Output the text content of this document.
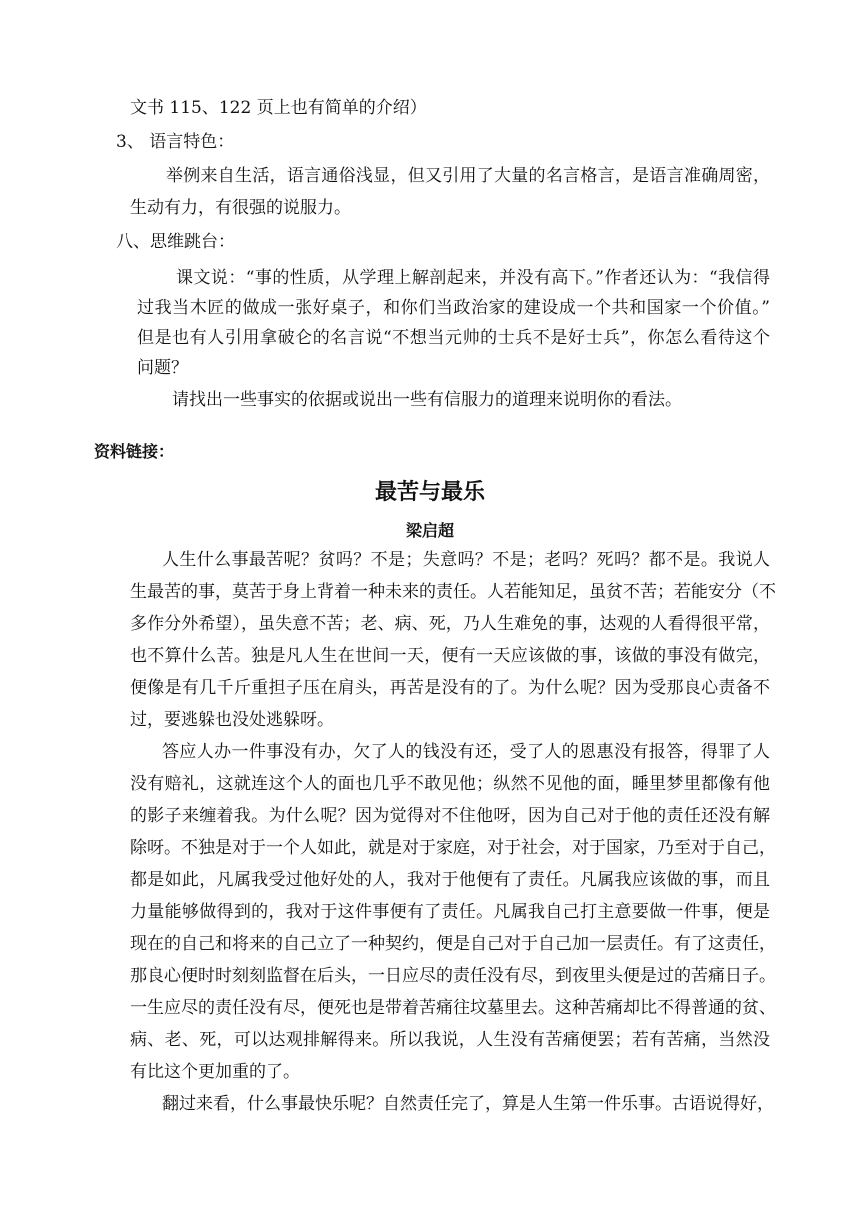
文书 115、122 页上也有简单的介绍）
3、 语言特色：
举例来自生活，语言通俗浅显，但又引用了大量的名言格言，是语言准确周密，
生动有力，有很强的说服力。
八、思维跳台：
课文说：“事的性质，从学理上解剖起来，并没有高下。”作者还认为：“我信得
过我当木匠的做成一张好桌子，和你们当政治家的建设成一个共和国家一个价值。”
但是也有人引用拿破仑的名言说“不想当元帅的士兵不是好士兵”，你怎么看待这个
问题？
请找出一些事实的依据或说出一些有信服力的道理来说明你的看法。
资料链接：
最苦与最乐
梁启超
人生什么事最苦呢？贫吗？不是；失意吗？不是；老吗？死吗？都不是。我说人
生最苦的事，莫苦于身上背着一种未来的责任。人若能知足，虽贫不苦；若能安分（不
多作分外希望），虽失意不苦；老、病、死，乃人生难免的事，达观的人看得很平常，
也不算什么苦。独是凡人生在世间一天，便有一天应该做的事，该做的事没有做完，
便像是有几千斤重担子压在肩头，再苦是没有的了。为什么呢？因为受那良心责备不
过，要逃躲也没处逃躲呀。
答应人办一件事没有办，欠了人的钱没有还，受了人的恩惠没有报答，得罪了人
没有赔礼，这就连这个人的面也几乎不敢见他；纵然不见他的面，睡里梦里都像有他
的影子来缠着我。为什么呢？因为觉得对不住他呀，因为自己对于他的责任还没有解
除呀。不独是对于一个人如此，就是对于家庭，对于社会，对于国家，乃至对于自己，
都是如此，凡属我受过他好处的人，我对于他便有了责任。凡属我应该做的事，而且
力量能够做得到的，我对于这件事便有了责任。凡属我自己打主意要做一件事，便是
现在的自己和将来的自己立了一种契约，便是自己对于自己加一层责任。有了这责任，
那良心便时时刻刻监督在后头，一日应尽的责任没有尽，到夜里头便是过的苦痛日子。
一生应尽的责任没有尽，便死也是带着苦痛往坟墓里去。这种苦痛却比不得普通的贫、
病、老、死，可以达观排解得来。所以我说，人生没有苦痛便罢；若有苦痛，当然没
有比这个更加重的了。
翻过来看，什么事最快乐呢？自然责任完了，算是人生第一件乐事。古语说得好，
